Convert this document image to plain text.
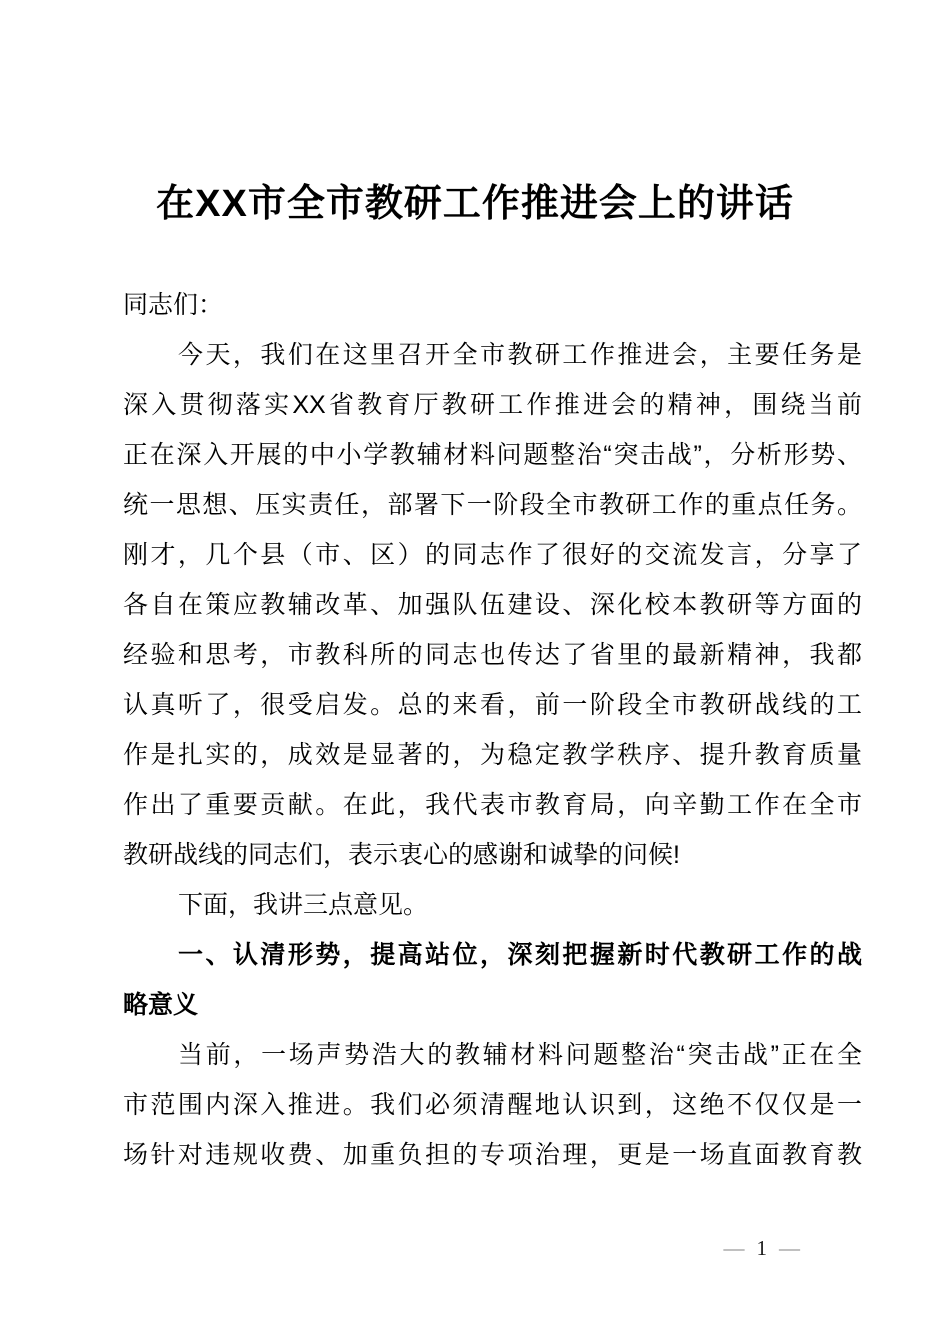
在XX市全市教研工作推进会上的讲话
同志们：
今天，我们在这里召开全市教研工作推进会，主要任务是
深入贯彻落实XX省教育厅教研工作推进会的精神，围绕当前
正在深入开展的中小学教辅材料问题整治“突击战”，分析形势、
统一思想、压实责任，部署下一阶段全市教研工作的重点任务。
刚才，几个县（市、区）的同志作了很好的交流发言，分享了
各自在策应教辅改革、加强队伍建设、深化校本教研等方面的
经验和思考，市教科所的同志也传达了省里的最新精神，我都
认真听了，很受启发。总的来看，前一阶段全市教研战线的工
作是扎实的，成效是显著的，为稳定教学秩序、提升教育质量
作出了重要贡献。在此，我代表市教育局，向辛勤工作在全市
教研战线的同志们，表示衷心的感谢和诚挚的问候!
下面，我讲三点意见。
一、认清形势，提高站位，深刻把握新时代教研工作的战
略意义
当前，一场声势浩大的教辅材料问题整治“突击战”正在全
市范围内深入推进。我们必须清醒地认识到，这绝不仅仅是一
场针对违规收费、加重负担的专项治理，更是一场直面教育教
— 1 —
